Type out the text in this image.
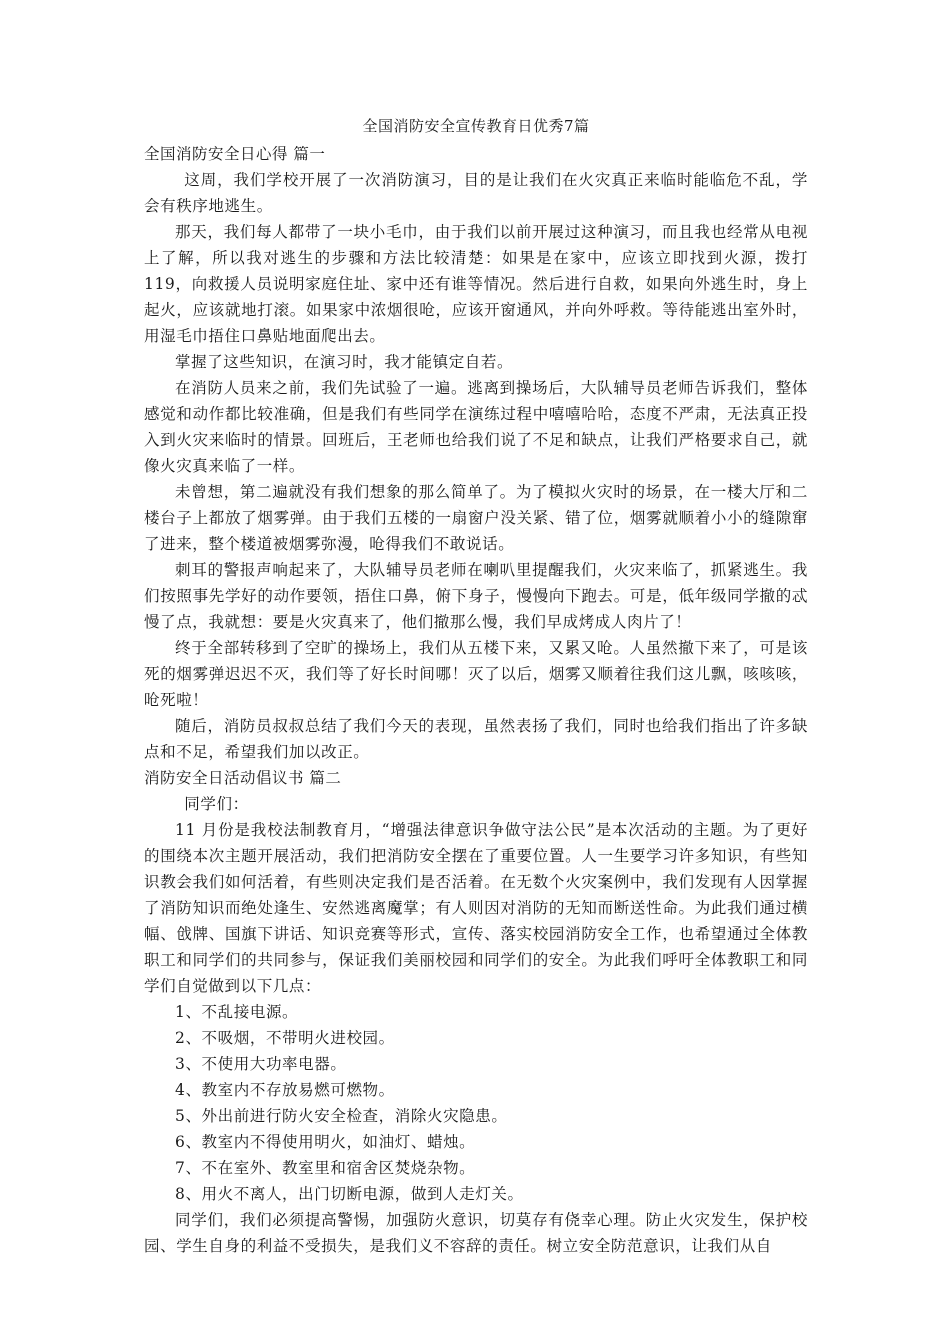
全国消防安全宣传教育日优秀7篇
全国消防安全日心得 篇一

这周，我们学校开展了一次消防演习，目的是让我们在火灾真正来临时能临危不乱，学会有秩序地逃生。

那天，我们每人都带了一块小毛巾，由于我们以前开展过这种演习，而且我也经常从电视上了解，所以我对逃生的步骤和方法比较清楚：如果是在家中，应该立即找到火源，拨打119，向救援人员说明家庭住址、家中还有谁等情况。然后进行自救，如果向外逃生时，身上起火，应该就地打滚。如果家中浓烟很呛，应该开窗通风，并向外呼救。等待能逃出室外时，用湿毛巾捂住口鼻贴地面爬出去。

掌握了这些知识，在演习时，我才能镇定自若。

在消防人员来之前，我们先试验了一遍。逃离到操场后，大队辅导员老师告诉我们，整体感觉和动作都比较准确，但是我们有些同学在演练过程中嘻嘻哈哈，态度不严肃，无法真正投入到火灾来临时的情景。回班后，王老师也给我们说了不足和缺点，让我们严格要求自己，就像火灾真来临了一样。

未曾想，第二遍就没有我们想象的那么简单了。为了模拟火灾时的场景，在一楼大厅和二楼台子上都放了烟雾弹。由于我们五楼的一扇窗户没关紧、错了位，烟雾就顺着小小的缝隙窜了进来，整个楼道被烟雾弥漫，呛得我们不敢说话。

刺耳的警报声响起来了，大队辅导员老师在喇叭里提醒我们，火灾来临了，抓紧逃生。我们按照事先学好的动作要领，捂住口鼻，俯下身子，慢慢向下跑去。可是，低年级同学撤的忒慢了点，我就想：要是火灾真来了，他们撤那么慢，我们早成烤成人肉片了！

终于全部转移到了空旷的操场上，我们从五楼下来，又累又呛。人虽然撤下来了，可是该死的烟雾弹迟迟不灭，我们等了好长时间哪！灭了以后，烟雾又顺着往我们这儿飘，咳咳咳，呛死啦！

随后，消防员叔叔总结了我们今天的表现，虽然表扬了我们，同时也给我们指出了许多缺点和不足，希望我们加以改正。

消防安全日活动倡议书 篇二

同学们：

11 月份是我校法制教育月，“增强法律意识争做守法公民”是本次活动的主题。为了更好的围绕本次主题开展活动，我们把消防安全摆在了重要位置。人一生要学习许多知识，有些知识教会我们如何活着，有些则决定我们是否活着。在无数个火灾案例中，我们发现有人因掌握了消防知识而绝处逢生、安然逃离魔掌；有人则因对消防的无知而断送性命。为此我们通过横幅、戗牌、国旗下讲话、知识竞赛等形式，宣传、落实校园消防安全工作，也希望通过全体教职工和同学们的共同参与，保证我们美丽校园和同学们的安全。为此我们呼吁全体教职工和同学们自觉做到以下几点：

1、不乱接电源。
2、不吸烟，不带明火进校园。
3、不使用大功率电器。
4、教室内不存放易燃可燃物。
5、外出前进行防火安全检查，消除火灾隐患。
6、教室内不得使用明火，如油灯、蜡烛。
7、不在室外、教室里和宿舍区焚烧杂物。
8、用火不离人，出门切断电源，做到人走灯关。

同学们，我们必须提高警惕，加强防火意识，切莫存有侥幸心理。防止火灾发生，保护校园、学生自身的利益不受损失，是我们义不容辞的责任。树立安全防范意识，让我们从自
